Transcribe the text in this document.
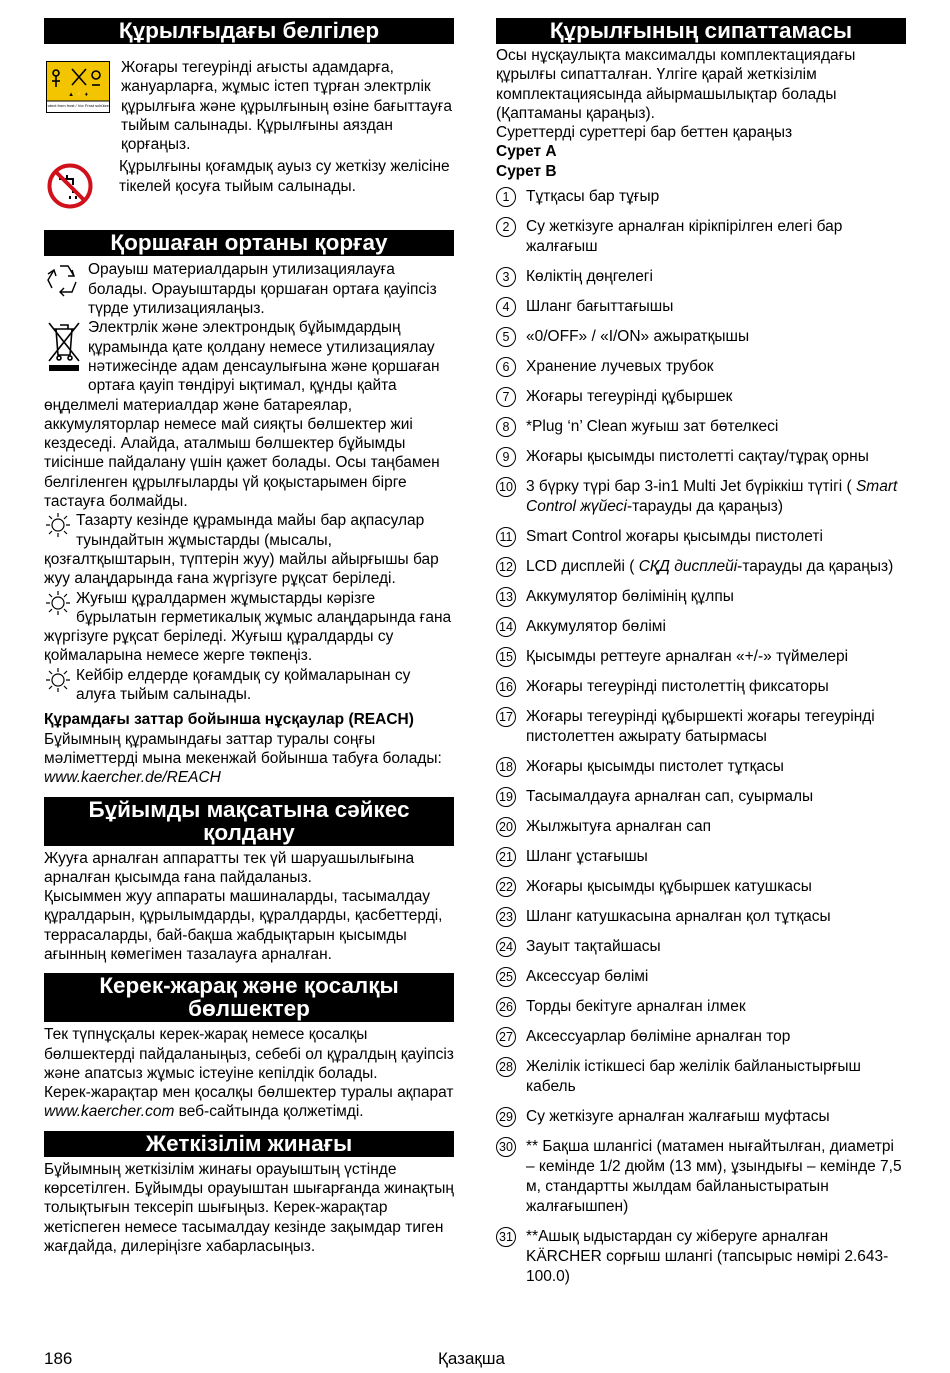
Құрылғыдағы белгілер
▲ ⚡ ♦
Protect from frost / Vor Frost schützen!

Жоғары тегеурінді ағысты адамдарға, жануарларға, жұмыс істеп тұрған электрлік құрылғыға және құрылғының өзіне бағыттауға тыйым салынады. Құрылғыны аяздан қорғаңыз.

Құрылғыны қоғамдық ауыз су жеткізу желісіне тікелей қосуға тыйым салынады.

Қоршаған ортаны қорғау

Орауыш материалдарын утилизациялауға болады. Орауыштарды қоршаған ортаға қауіпсіз түрде утилизациялаңыз.

Электрлік және электрондық бұйымдардың құрамында қате қолдану немесе утилизациялау нәтижесінде адам денсаулығына және қоршаған ортаға қауіп төндіруі ықтимал, құнды қайта өңделмелі материалдар және батареялар, аккумуляторлар немесе май сияқты бөлшектер жиі кездеседі. Алайда, аталмыш бөлшектер бұйымды тиісінше пайдалану үшін қажет болады. Осы таңбамен белгіленген құрылғыларды үй қоқыстарымен бірге тастауға болмайды.

Тазарту кезінде құрамында майы бар ақпасулар туындайтын жұмыстарды (мысалы, қозғалтқыштарын, түптерін жуу) майлы айырғышы бар жуу алаңдарында ғана жүргізуге рұқсат беріледі.

Жуғыш құралдармен жұмыстарды кәрізге бұрылатын герметикалық жұмыс алаңдарында ғана жүргізуге рұқсат беріледі. Жуғыш құралдарды су қоймаларына немесе жерге төкпеңіз.

Кейбір елдерде қоғамдық су қоймаларынан су алуға тыйым салынады.

Құрамдағы заттар бойынша нұсқаулар (REACH)

Бұйымның құрамындағы заттар туралы соңғы мәліметтерді мына мекенжай бойынша табуға болады: www.kaercher.de/REACH

Бұйымды мақсатына сәйкес қолдану

Жууға арналған аппаратты тек үй шаруашылығына арналған қысымда ғана пайдаланыз.

Қысыммен жуу аппараты машиналарды, тасымалдау құралдарын, құрылымдарды, құралдарды, қасбеттерді, террасаларды, бай-бақша жабдықтарын қысымды ағынның көмегімен тазалауға арналған.

Керек-жарақ және қосалқы бөлшектер

Тек түпнұсқалы керек-жарақ немесе қосалқы бөлшектерді пайдаланыңыз, себебі ол құралдың қауіпсіз және апатсыз жұмыс істеуіне кепілдік болады.

Керек-жарақтар мен қосалқы бөлшектер туралы ақпарат www.kaercher.com веб-сайтында қолжетімді.

Жеткізілім жинағы

Бұйымның жеткізілім жинағы орауыштың үстінде көрсетілген. Бұйымды орауыштан шығарғанда жинақтың толықтығын тексеріп шығыңыз. Керек-жарақтар жетіспеген немесе тасымалдау кезінде зақымдар тиген жағдайда, дилеріңізге хабарласыңыз.

Құрылғының сипаттамасы

Осы нұсқаулықта максималды комплектациядағы құрылғы сипатталған. Үлгіге қарай жеткізілім комплектациясында айырмашылықтар болады (Қаптаманы қараңыз).

Суреттерді суреттері бар беттен қараңыз

Сурет A

Сурет B

1	Тұтқасы бар тұғыр
2	Су жеткізуге арналған кірікпірілген елегі бар жалғағыш
3	Көліктің дөңгелегі
4	Шланг бағыттағышы
5	«0/OFF» / «I/ON» ажыратқышы
6	Хранение лучевых трубок
7	Жоғары тегеурінді құбыршек
8	*Plug ‘n’ Clean жуғыш зат бөтелкесі
9	Жоғары қысымды пистолетті сақтау/тұрақ орны
10 3 бүрку түрі бар 3-in1 Multi Jet бүріккіш түтігі ( Smart Control жүйесі-тарауды да қараңыз)
11 Smart Control жоғары қысымды пистолеті
12 LCD дисплейі ( СҚД дисплейі-тарауды да қараңыз)
13 Аккумулятор бөлімінің құлпы
14 Аккумулятор бөлімі
15 Қысымды реттеуге арналған «+/-» түймелері
16 Жоғары тегеурінді пистолеттің фиксаторы
17 Жоғары тегеурінді құбыршекті жоғары тегеурінді пистолеттен ажырату батырмасы
18 Жоғары қысымды пистолет тұтқасы
19 Тасымалдауға арналған сап, суырмалы
20 Жылжытуға арналған сап
21 Шланг ұстағышы
22 Жоғары қысымды құбыршек катушкасы
23 Шланг катушкасына арналған қол тұтқасы
24 Зауыт тақтайшасы
25 Аксессуар бөлімі
26 Торды бекітуге арналған ілмек
27 Аксессуарлар бөліміне арналған тор
28 Желілік істікшесі бар желілік байланыстырғыш кабель
29 Су жеткізуге арналған жалғағыш муфтасы
30 ** Бақша шлангісі (матамен нығайтылған, диаметрі – кемінде 1/2 дюйм (13 мм), ұзындығы – кемінде 7,5 м, стандартты жылдам байланыстыратын жалғағышпен)
31 **Ашық ыдыстардан су жіберуге арналған KÄRCHER сорғыш шлангі (тапсырыс нөмірі 2.643-100.0)
186	Қазақша
